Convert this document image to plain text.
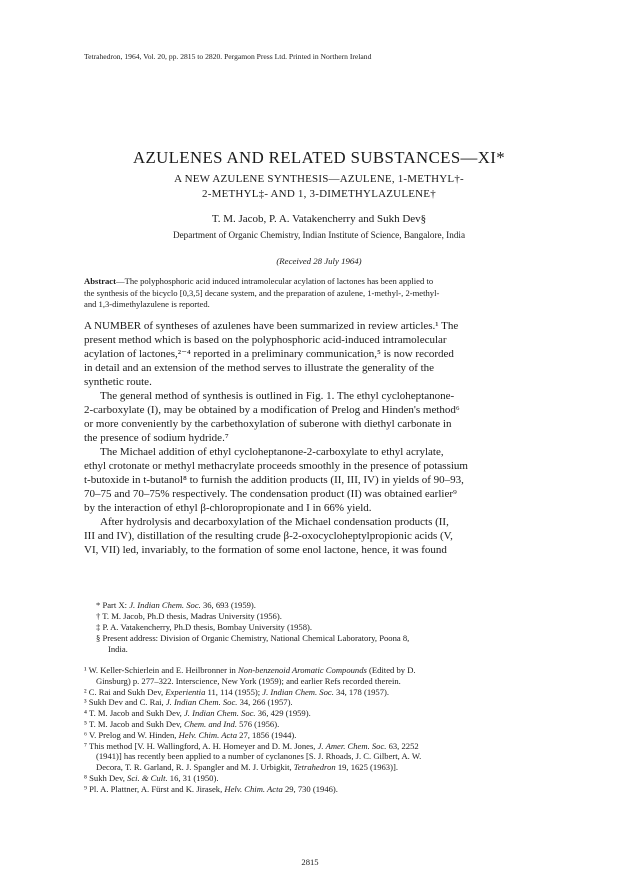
Tetrahedron, 1964, Vol. 20, pp. 2815 to 2820. Pergamon Press Ltd. Printed in Northern Ireland
AZULENES AND RELATED SUBSTANCES—XI*
A NEW AZULENE SYNTHESIS—AZULENE, 1-METHYL†-
2-METHYL‡- AND 1, 3-DIMETHYLAZULENE†
T. M. Jacob, P. A. Vatakencherry and Sukh Dev§
Department of Organic Chemistry, Indian Institute of Science, Bangalore, India
(Received 28 July 1964)
Abstract—The polyphosphoric acid induced intramolecular acylation of lactones has been applied to
the synthesis of the bicyclo [0,3,5] decane system, and the preparation of azulene, 1-methyl-, 2-methyl-
and 1,3-dimethylazulene is reported.
A NUMBER of syntheses of azulenes have been summarized in review articles.¹ The
present method which is based on the polyphosphoric acid-induced intramolecular
acylation of lactones,²⁻⁴ reported in a preliminary communication,⁵ is now recorded
in detail and an extension of the method serves to illustrate the generality of the
synthetic route.
The general method of synthesis is outlined in Fig. 1. The ethyl cycloheptanone-
2-carboxylate (I), may be obtained by a modification of Prelog and Hinden's method⁶
or more conveniently by the carbethoxylation of suberone with diethyl carbonate in
the presence of sodium hydride.⁷
The Michael addition of ethyl cycloheptanone-2-carboxylate to ethyl acrylate,
ethyl crotonate or methyl methacrylate proceeds smoothly in the presence of potassium
t-butoxide in t-butanol⁸ to furnish the addition products (II, III, IV) in yields of 90–93,
70–75 and 70–75% respectively. The condensation product (II) was obtained earlier⁹
by the interaction of ethyl β-chloropropionate and I in 66% yield.
After hydrolysis and decarboxylation of the Michael condensation products (II,
III and IV), distillation of the resulting crude β-2-oxocycloheptylpropionic acids (V,
VI, VII) led, invariably, to the formation of some enol lactone, hence, it was found
* Part X: J. Indian Chem. Soc. 36, 693 (1959).
† T. M. Jacob, Ph.D thesis, Madras University (1956).
‡ P. A. Vatakencherry, Ph.D thesis, Bombay University (1958).
§ Present address: Division of Organic Chemistry, National Chemical Laboratory, Poona 8,
India.
¹ W. Keller-Schierlein and E. Heilbronner in Non-benzenoid Aromatic Compounds (Edited by D.
Ginsburg) p. 277–322. Interscience, New York (1959); and earlier Refs recorded therein.
² C. Rai and Sukh Dev, Experientia 11, 114 (1955); J. Indian Chem. Soc. 34, 178 (1957).
³ Sukh Dev and C. Rai, J. Indian Chem. Soc. 34, 266 (1957).
⁴ T. M. Jacob and Sukh Dev, J. Indian Chem. Soc. 36, 429 (1959).
⁵ T. M. Jacob and Sukh Dev, Chem. and Ind. 576 (1956).
⁶ V. Prelog and W. Hinden, Helv. Chim. Acta 27, 1856 (1944).
⁷ This method [V. H. Wallingford, A. H. Homeyer and D. M. Jones, J. Amer. Chem. Soc. 63, 2252
(1941)] has recently been applied to a number of cyclanones [S. J. Rhoads, J. C. Gilbert, A. W.
Decora, T. R. Garland, R. J. Spangler and M. J. Urbigkit, Tetrahedron 19, 1625 (1963)].
⁸ Sukh Dev, Sci. & Cult. 16, 31 (1950).
⁹ Pl. A. Plattner, A. Fürst and K. Jirasek, Helv. Chim. Acta 29, 730 (1946).
2815
